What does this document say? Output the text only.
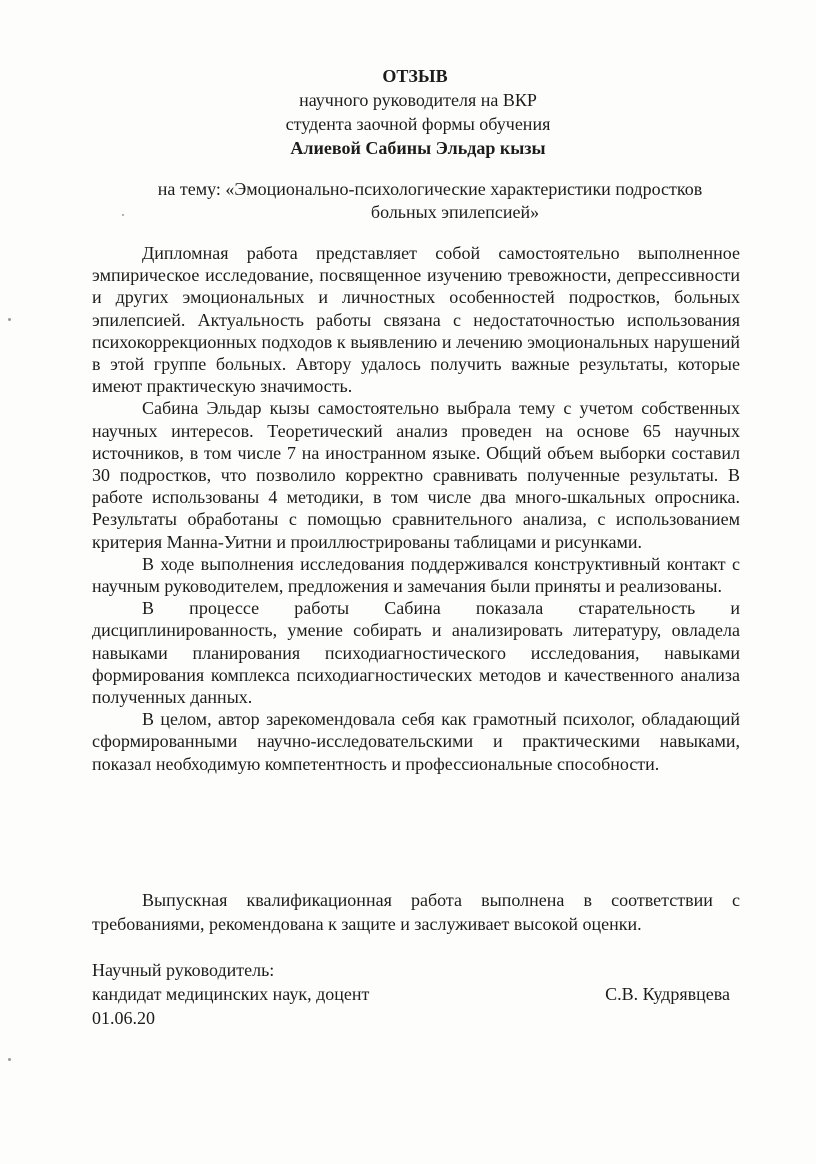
ОТЗЫВ
научного руководителя на ВКР
студента заочной формы обучения
Алиевой Сабины Эльдар кызы
на тему: «Эмоционально-психологические характеристики подростков
больных эпилепсией»

Дипломная работа представляет собой самостоятельно выполненное эмпирическое исследование, посвященное изучению тревожности, депрессивности и других эмоциональных и личностных особенностей подростков, больных эпилепсией. Актуальность работы связана с недостаточностью использования психокоррекционных подходов к выявлению и лечению эмоциональных нарушений в этой группе больных. Автору удалось получить важные результаты, которые имеют практическую значимость.

Сабина Эльдар кызы самостоятельно выбрала тему с учетом собственных научных интересов. Теоретический анализ проведен на основе 65 научных источников, в том числе 7 на иностранном языке. Общий объем выборки составил 30 подростков, что позволило корректно сравнивать полученные результаты. В работе использованы 4 методики, в том числе два много-шкальных опросника. Результаты обработаны с помощью сравнительного анализа, с использованием критерия Манна-Уитни и проиллюстрированы таблицами и рисунками.

В ходе выполнения исследования поддерживался конструктивный контакт с научным руководителем, предложения и замечания были приняты и реализованы.

В процессе работы Сабина показала старательность и дисциплинированность, умение собирать и анализировать литературу, овладела навыками планирования психодиагностического исследования, навыками формирования комплекса психодиагностических методов и качественного анализа полученных данных.

В целом, автор зарекомендовала себя как грамотный психолог, обладающий сформированными научно-исследовательскими и практическими навыками, показал необходимую компетентность и профессиональные способности.

Выпускная квалификационная работа выполнена в соответствии с требованиями, рекомендована к защите и заслуживает высокой оценки.

Научный руководитель:
кандидат медицинских наук, доцент	С.В. Кудрявцева
01.06.20
